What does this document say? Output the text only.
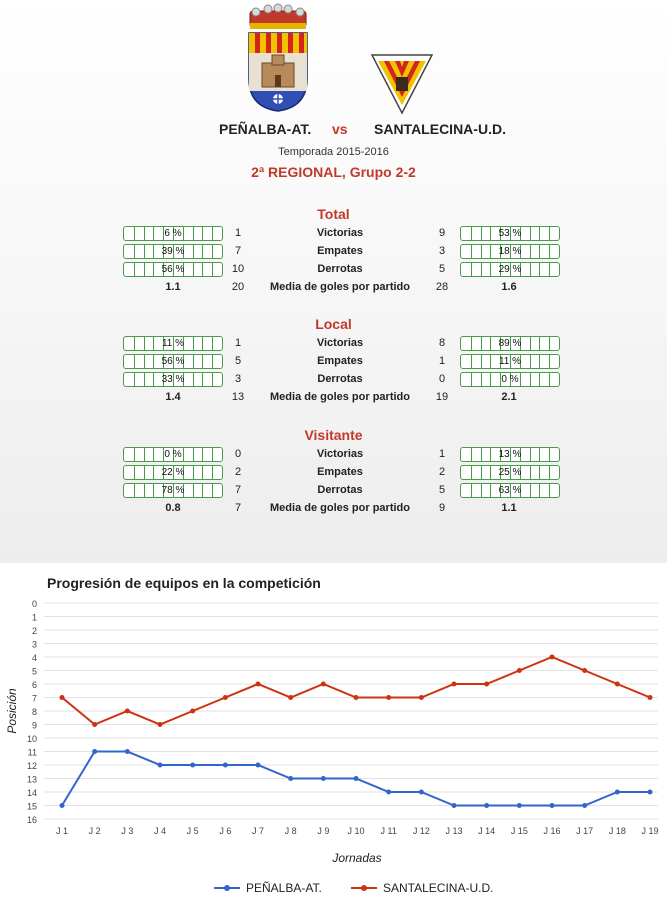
PEÑALBA-AT. vs SANTALECINA-U.D.
Temporada 2015-2016
2ª REGIONAL, Grupo 2-2
Total
6 %	1	Victorias	9	53 %
39 %	7	Empates	3	18 %
56 %	10	Derrotas	5	29 %
1.1	20	Media de goles por partido	28	1.6
Local
11 %	1	Victorias	8	89 %
56 %	5	Empates	1	11 %
33 %	3	Derrotas	0	0 %
1.4	13	Media de goles por partido	19	2.1
Visitante
0 %	0	Victorias	1	13 %
22 %	2	Empates	2	25 %
78 %	7	Derrotas	5	63 %
0.8	7	Media de goles por partido	9	1.1
Progresión de equipos en la competición
0
1
2
3
4
5
6
7
8
9
10
11
12
13
14
15
16
J 1 J 2 J 3 J 4 J 5 J 6 J 7 J 8 J 9 J 10 J 11 J 12 J 13 J 14 J 15 J 16 J 17 J 18 J 19
Posición
Jornadas
PEÑALBA-AT.	SANTALECINA-U.D.
